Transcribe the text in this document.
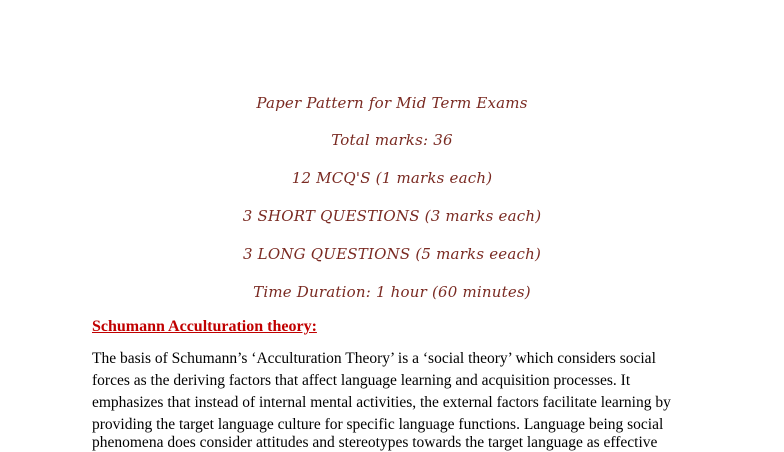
Paper Pattern for Mid Term Exams
Total marks: 36
12 MCQ'S (1 marks each)
3 SHORT QUESTIONS (3 marks each)
3 LONG QUESTIONS (5 marks eeach)
Time Duration: 1 hour (60 minutes)
Schumann Acculturation theory:
The basis of Schumann’s ‘Acculturation Theory’ is a ‘social theory’ which considers social
forces as the deriving factors that affect language learning and acquisition processes. It
emphasizes that instead of internal mental activities, the external factors facilitate learning by
providing the target language culture for specific language functions. Language being social
phenomena does consider attitudes and stereotypes towards the target language as effective
